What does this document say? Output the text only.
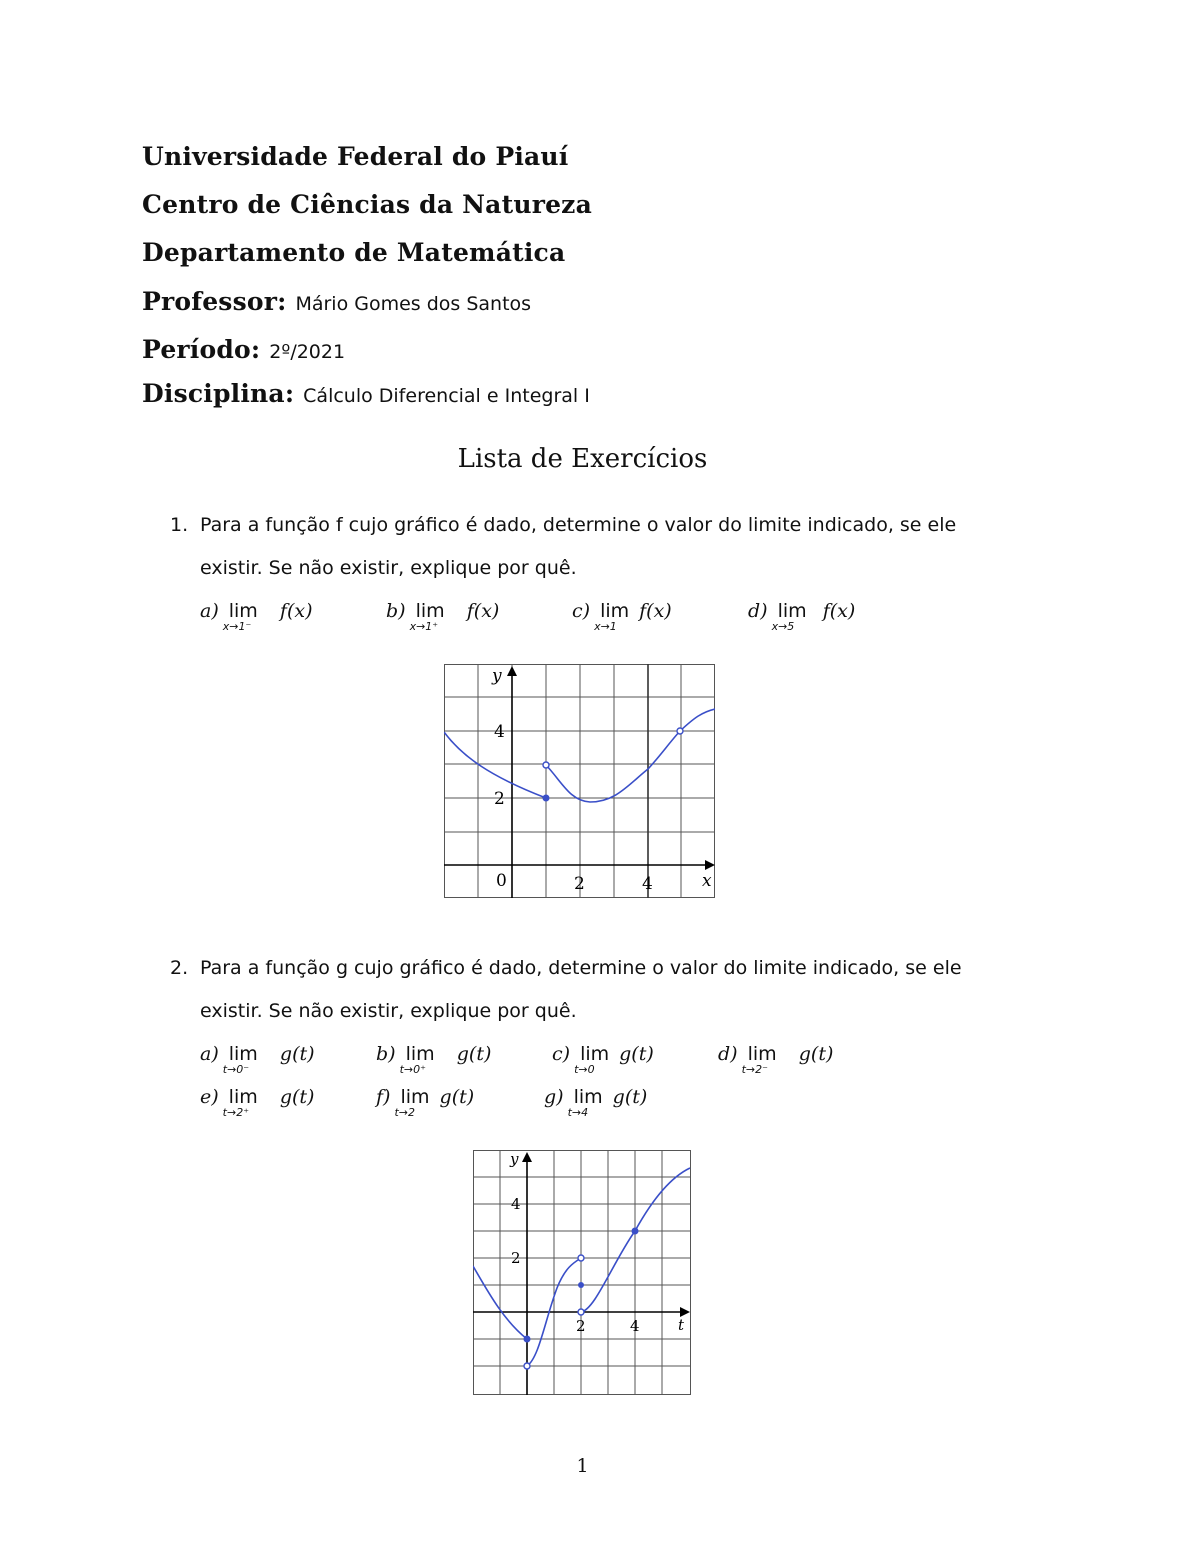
Universidade Federal do Piauí
Centro de Ciências da Natureza
Departamento de Matemática
Professor: Mário Gomes dos Santos
Período: 2º/2021
Disciplina: Cálculo Diferencial e Integral I
Lista de Exercícios
1. Para a função f cujo gráfico é dado, determine o valor do limite indicado, se ele
existir. Se não existir, explique por quê.
a) lim
x→1⁻
f(x)	b) lim
x→1⁺
f(x)	c) lim
x→1
f(x)	d) lim
x→5
f(x)
y
x
0	2	4
2
4
2. Para a função g cujo gráfico é dado, determine o valor do limite indicado, se ele
existir. Se não existir, explique por quê.
a) lim
t→0⁻
g(t)	b) lim
t→0⁺
g(t)	c) lim
t→0
g(t)	d) lim
t→2⁻
g(t)
e) lim
t→2⁺
g(t)	f) lim
t→2
g(t)	g) lim
t→4
g(t)
y
t
2	4
2
4
1
